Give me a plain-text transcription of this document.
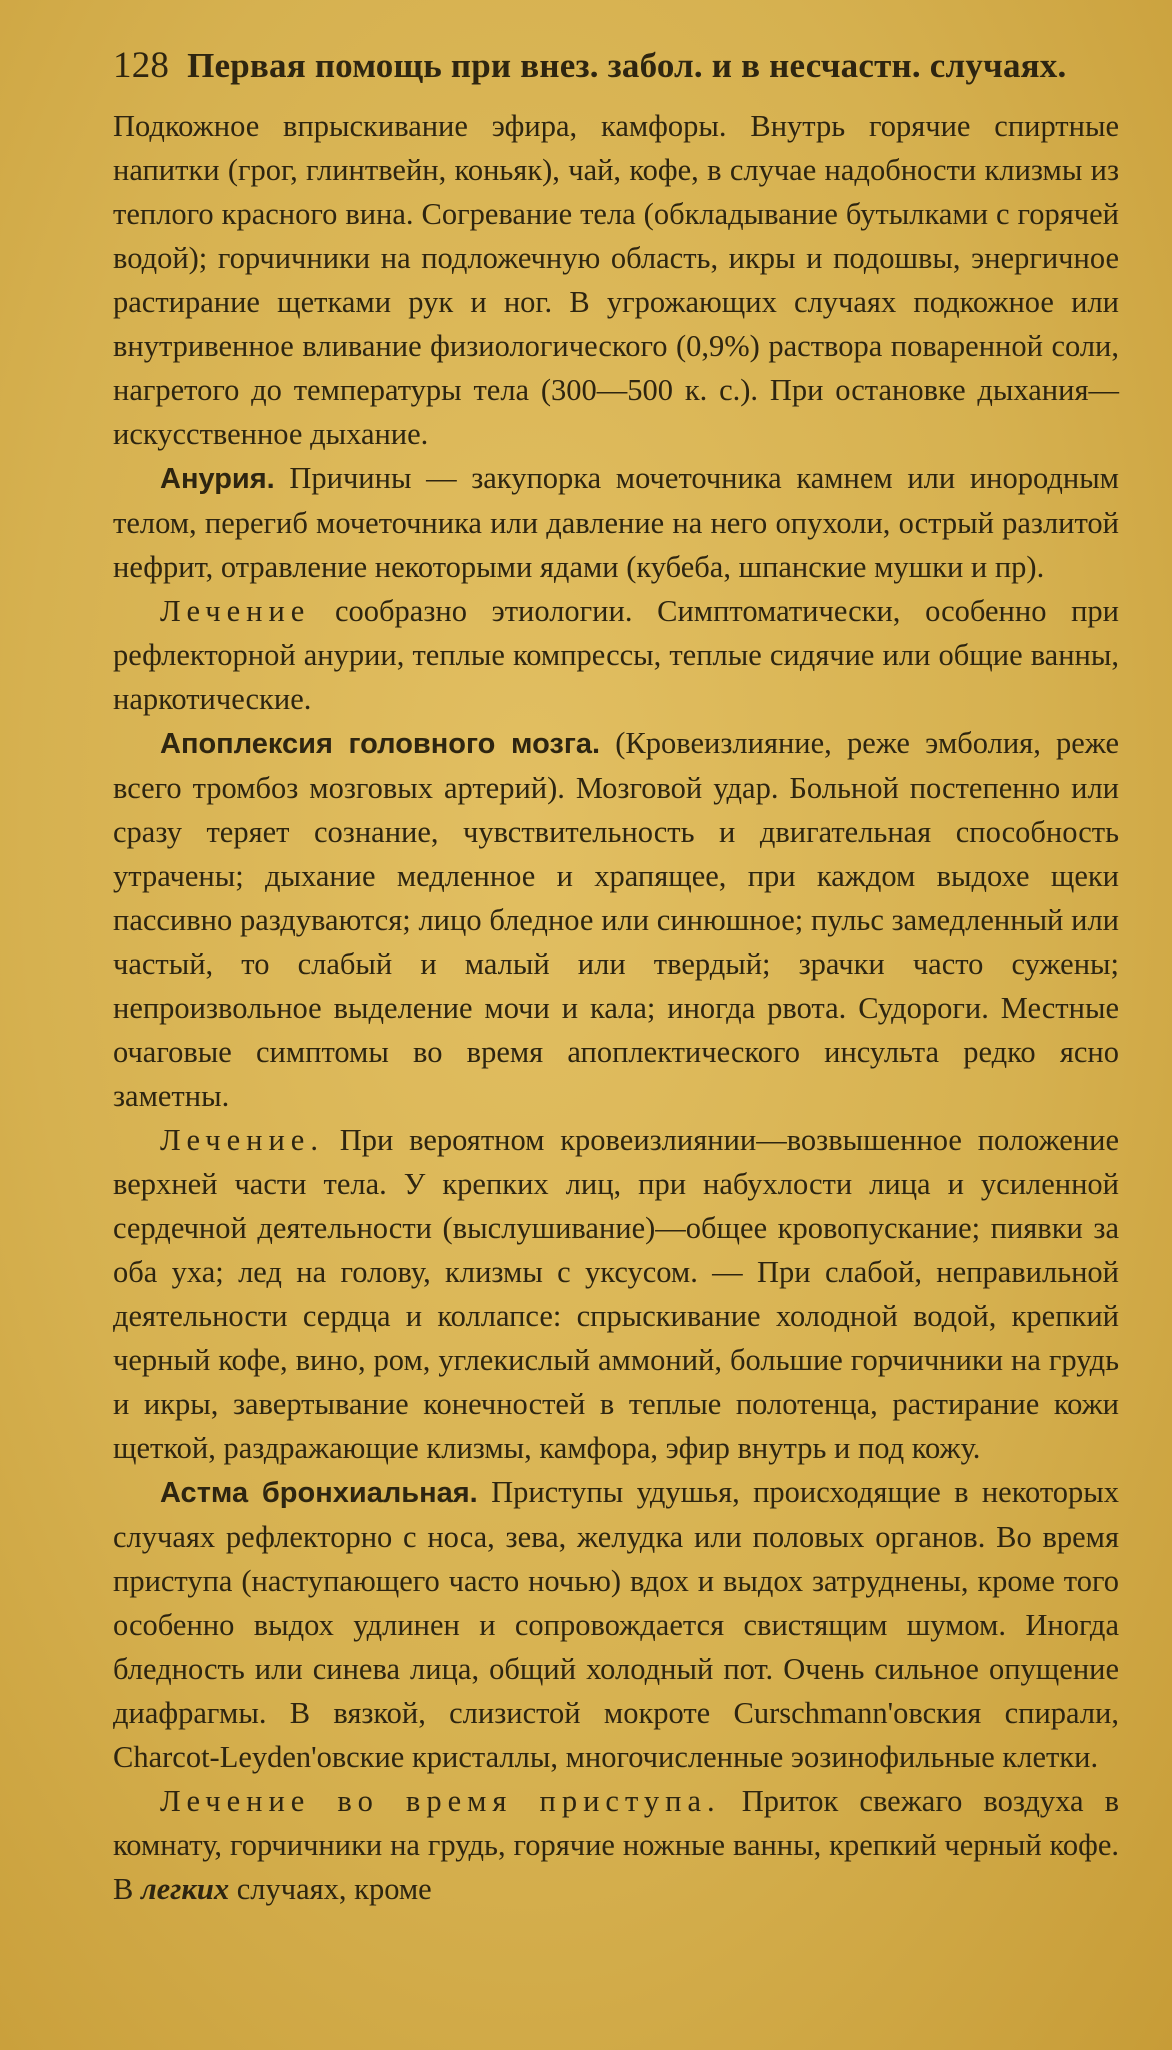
128 Первая помощь при внез. забол. и в несчастн. случаях.

Подкожное впрыскивание эфира, камфоры. Внутрь горячие спиртные напитки (грог, глинтвейн, коньяк), чай, кофе, в случае надобности клизмы из теплого красного вина. Согревание тела (обкладывание бутылками с горячей водой); горчичники на подложечную область, икры и подошвы, энергичное растирание щетками рук и ног. В угрожающих случаях подкожное или внутривенное вливание физиологического (0,9%) раствора поваренной соли, нагретого до температуры тела (300—500 к. с.). При остановке дыхания—искусственное дыхание.

Анурия. Причины — закупорка мочеточника камнем или инородным телом, перегиб мочеточника или давление на него опухоли, острый разлитой нефрит, отравление некоторыми ядами (кубеба, шпанские мушки и пр).

Лечение сообразно этиологии. Симптоматически, особенно при рефлекторной анурии, теплые компрессы, теплые сидячие или общие ванны, наркотические.

Апоплексия головного мозга. (Кровеизлияние, реже эмболия, реже всего тромбоз мозговых артерий). Мозговой удар. Больной постепенно или сразу теряет сознание, чувствительность и двигательная способность утрачены; дыхание медленное и храпящее, при каждом выдохе щеки пассивно раздуваются; лицо бледное или синюшное; пульс замедленный или частый, то слабый и малый или твердый; зрачки часто сужены; непроизвольное выделение мочи и кала; иногда рвота. Судороги. Местные очаговые симптомы во время апоплектического инсульта редко ясно заметны.

Лечение. При вероятном кровеизлиянии—возвышенное положение верхней части тела. У крепких лиц, при набухлости лица и усиленной сердечной деятельности (выслушивание)—общее кровопускание; пиявки за оба уха; лед на голову, клизмы с уксусом. — При слабой, неправильной деятельности сердца и коллапсе: спрыскивание холодной водой, крепкий черный кофе, вино, ром, углекислый аммоний, большие горчичники на грудь и икры, завертывание конечностей в теплые полотенца, растирание кожи щеткой, раздражающие клизмы, камфора, эфир внутрь и под кожу.

Астма бронхиальная. Приступы удушья, происходящие в некоторых случаях рефлекторно с носа, зева, желудка или половых органов. Во время приступа (наступающего часто ночью) вдох и выдох затруднены, кроме того особенно выдох удлинен и сопровождается свистящим шумом. Иногда бледность или синева лица, общий холодный пот. Очень сильное опущение диафрагмы. В вязкой, слизистой мокроте Curschmann'овския спирали, Charcot-Leyden'овские кристаллы, многочисленные эозинофильные клетки.

Лечение во время приступа. Приток свежаго воздуха в комнату, горчичники на грудь, горячие ножные ванны, крепкий черный кофе. В легких случаях, кроме
